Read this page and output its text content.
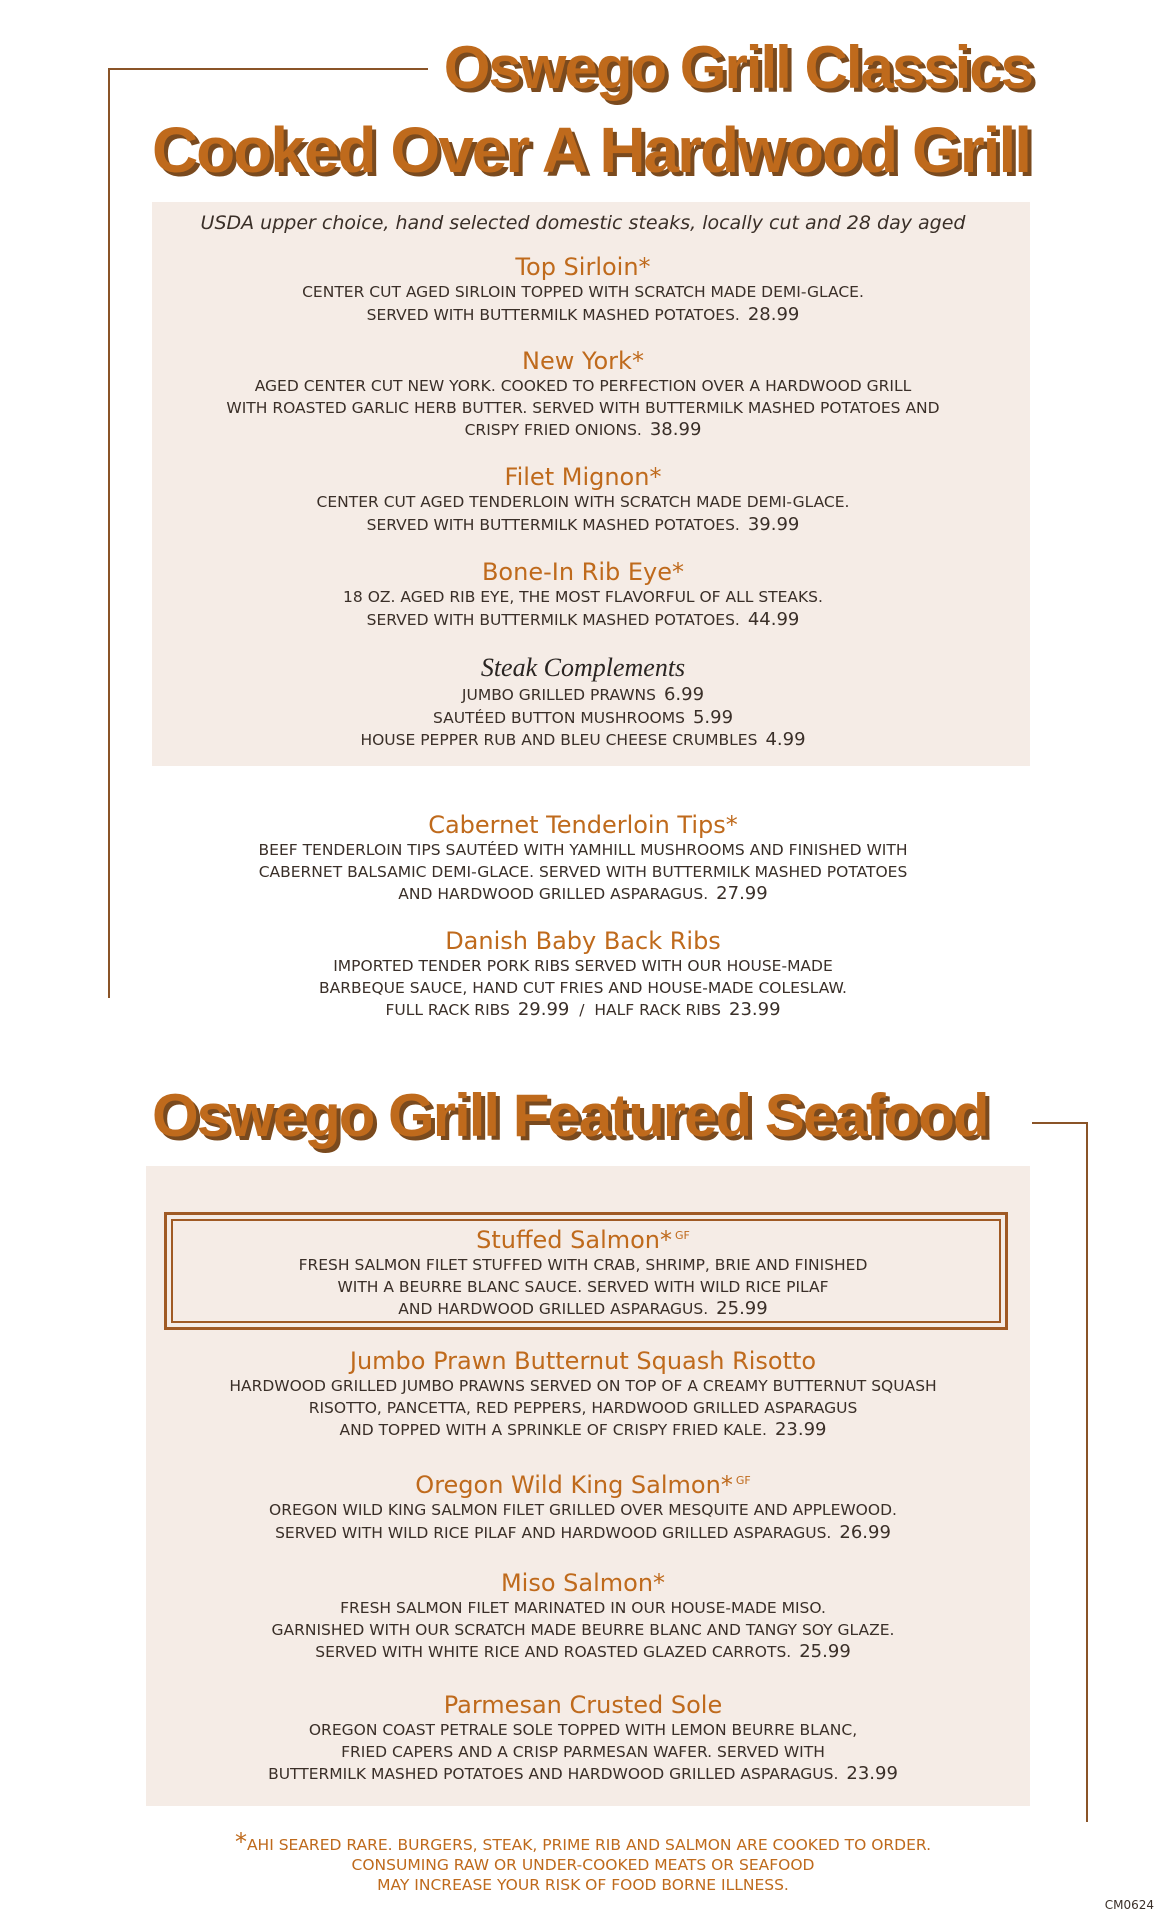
Oswego Grill Classics
Cooked Over A Hardwood Grill
USDA upper choice, hand selected domestic steaks, locally cut and 28 day aged
Top Sirloin*
CENTER CUT AGED SIRLOIN TOPPED WITH SCRATCH MADE DEMI-GLACE.
SERVED WITH BUTTERMILK MASHED POTATOES. 28.99
New York*
AGED CENTER CUT NEW YORK. COOKED TO PERFECTION OVER A HARDWOOD GRILL
WITH ROASTED GARLIC HERB BUTTER. SERVED WITH BUTTERMILK MASHED POTATOES AND
CRISPY FRIED ONIONS. 38.99
Filet Mignon*
CENTER CUT AGED TENDERLOIN WITH SCRATCH MADE DEMI-GLACE.
SERVED WITH BUTTERMILK MASHED POTATOES. 39.99
Bone-In Rib Eye*
18 OZ. AGED RIB EYE, THE MOST FLAVORFUL OF ALL STEAKS.
SERVED WITH BUTTERMILK MASHED POTATOES. 44.99
Steak Complements
JUMBO GRILLED PRAWNS 6.99
SAUTÉED BUTTON MUSHROOMS 5.99
HOUSE PEPPER RUB AND BLEU CHEESE CRUMBLES 4.99
Cabernet Tenderloin Tips*
BEEF TENDERLOIN TIPS SAUTÉED WITH YAMHILL MUSHROOMS AND FINISHED WITH
CABERNET BALSAMIC DEMI-GLACE. SERVED WITH BUTTERMILK MASHED POTATOES
AND HARDWOOD GRILLED ASPARAGUS. 27.99
Danish Baby Back Ribs
IMPORTED TENDER PORK RIBS SERVED WITH OUR HOUSE-MADE
BARBEQUE SAUCE, HAND CUT FRIES AND HOUSE-MADE COLESLAW.
FULL RACK RIBS 29.99 / HALF RACK RIBS 23.99
Oswego Grill Featured Seafood
Stuffed Salmon* $^{GF}$
FRESH SALMON FILET STUFFED WITH CRAB, SHRIMP, BRIE AND FINISHED
WITH A BEURRE BLANC SAUCE. SERVED WITH WILD RICE PILAF
AND HARDWOOD GRILLED ASPARAGUS. 25.99
Jumbo Prawn Butternut Squash Risotto
HARDWOOD GRILLED JUMBO PRAWNS SERVED ON TOP OF A CREAMY BUTTERNUT SQUASH
RISOTTO, PANCETTA, RED PEPPERS, HARDWOOD GRILLED ASPARAGUS
AND TOPPED WITH A SPRINKLE OF CRISPY FRIED KALE. 23.99
Oregon Wild King Salmon* $^{GF}$
OREGON WILD KING SALMON FILET GRILLED OVER MESQUITE AND APPLEWOOD.
SERVED WITH WILD RICE PILAF AND HARDWOOD GRILLED ASPARAGUS. 26.99
Miso Salmon*
FRESH SALMON FILET MARINATED IN OUR HOUSE-MADE MISO.
GARNISHED WITH OUR SCRATCH MADE BEURRE BLANC AND TANGY SOY GLAZE.
SERVED WITH WHITE RICE AND ROASTED GLAZED CARROTS. 25.99
Parmesan Crusted Sole
OREGON COAST PETRALE SOLE TOPPED WITH LEMON BEURRE BLANC,
FRIED CAPERS AND A CRISP PARMESAN WAFER. SERVED WITH
BUTTERMILK MASHED POTATOES AND HARDWOOD GRILLED ASPARAGUS. 23.99
*AHI SEARED RARE. BURGERS, STEAK, PRIME RIB AND SALMON ARE COOKED TO ORDER.
CONSUMING RAW OR UNDER-COOKED MEATS OR SEAFOOD
MAY INCREASE YOUR RISK OF FOOD BORNE ILLNESS.
CM0624
